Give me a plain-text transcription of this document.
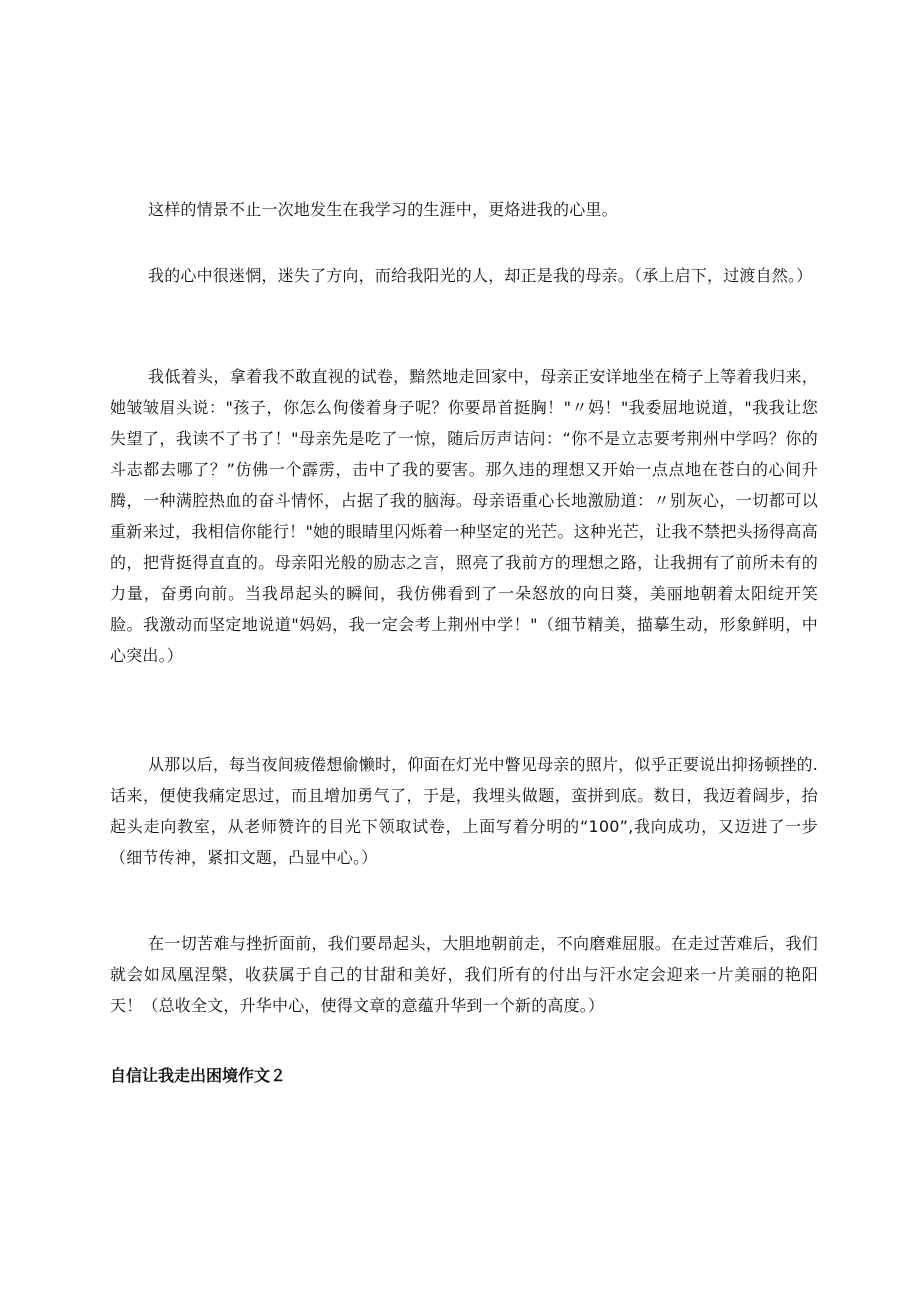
这样的情景不止一次地发生在我学习的生涯中，更烙进我的心里。

我的心中很迷惘，迷失了方向，而给我阳光的人，却正是我的母亲。（承上启下，过渡自然。）

我低着头，拿着我不敢直视的试卷，黯然地走回家中，母亲正安详地坐在椅子上等着我归来，她皱皱眉头说："孩子，你怎么佝偻着身子呢？你要昂首挺胸！"〃妈！"我委屈地说道，"我我让您失望了，我读不了书了！"母亲先是吃了一惊，随后厉声诘问：“你不是立志要考荆州中学吗？你的斗志都去哪了？”仿佛一个霹雳，击中了我的要害。那久违的理想又开始一点点地在苍白的心间升腾，一种满腔热血的奋斗情怀，占据了我的脑海。母亲语重心长地激励道：〃别灰心，一切都可以重新来过，我相信你能行！"她的眼睛里闪烁着一种坚定的光芒。这种光芒，让我不禁把头扬得高高的，把背挺得直直的。母亲阳光般的励志之言，照亮了我前方的理想之路，让我拥有了前所未有的力量，奋勇向前。当我昂起头的瞬间，我仿佛看到了一朵怒放的向日葵，美丽地朝着太阳绽开笑脸。我激动而坚定地说道"妈妈，我一定会考上荆州中学！"（细节精美，描摹生动，形象鲜明，中心突出。）

从那以后，每当夜间疲倦想偷懒时，仰面在灯光中瞥见母亲的照片，似乎正要说出抑扬顿挫的.话来，便使我痛定思过，而且增加勇气了，于是，我埋头做题，蛮拼到底。数日，我迈着阔步，抬起头走向教室，从老师赞许的目光下领取试卷，上面写着分明的“100”,我向成功，又迈进了一步（细节传神，紧扣文题，凸显中心。）

在一切苦难与挫折面前，我们要昂起头，大胆地朝前走，不向磨难屈服。在走过苦难后，我们就会如凤凰涅槃，收获属于自己的甘甜和美好，我们所有的付出与汗水定会迎来一片美丽的艳阳天！（总收全文，升华中心，使得文章的意蕴升华到一个新的高度。）

自信让我走出困境作文２
